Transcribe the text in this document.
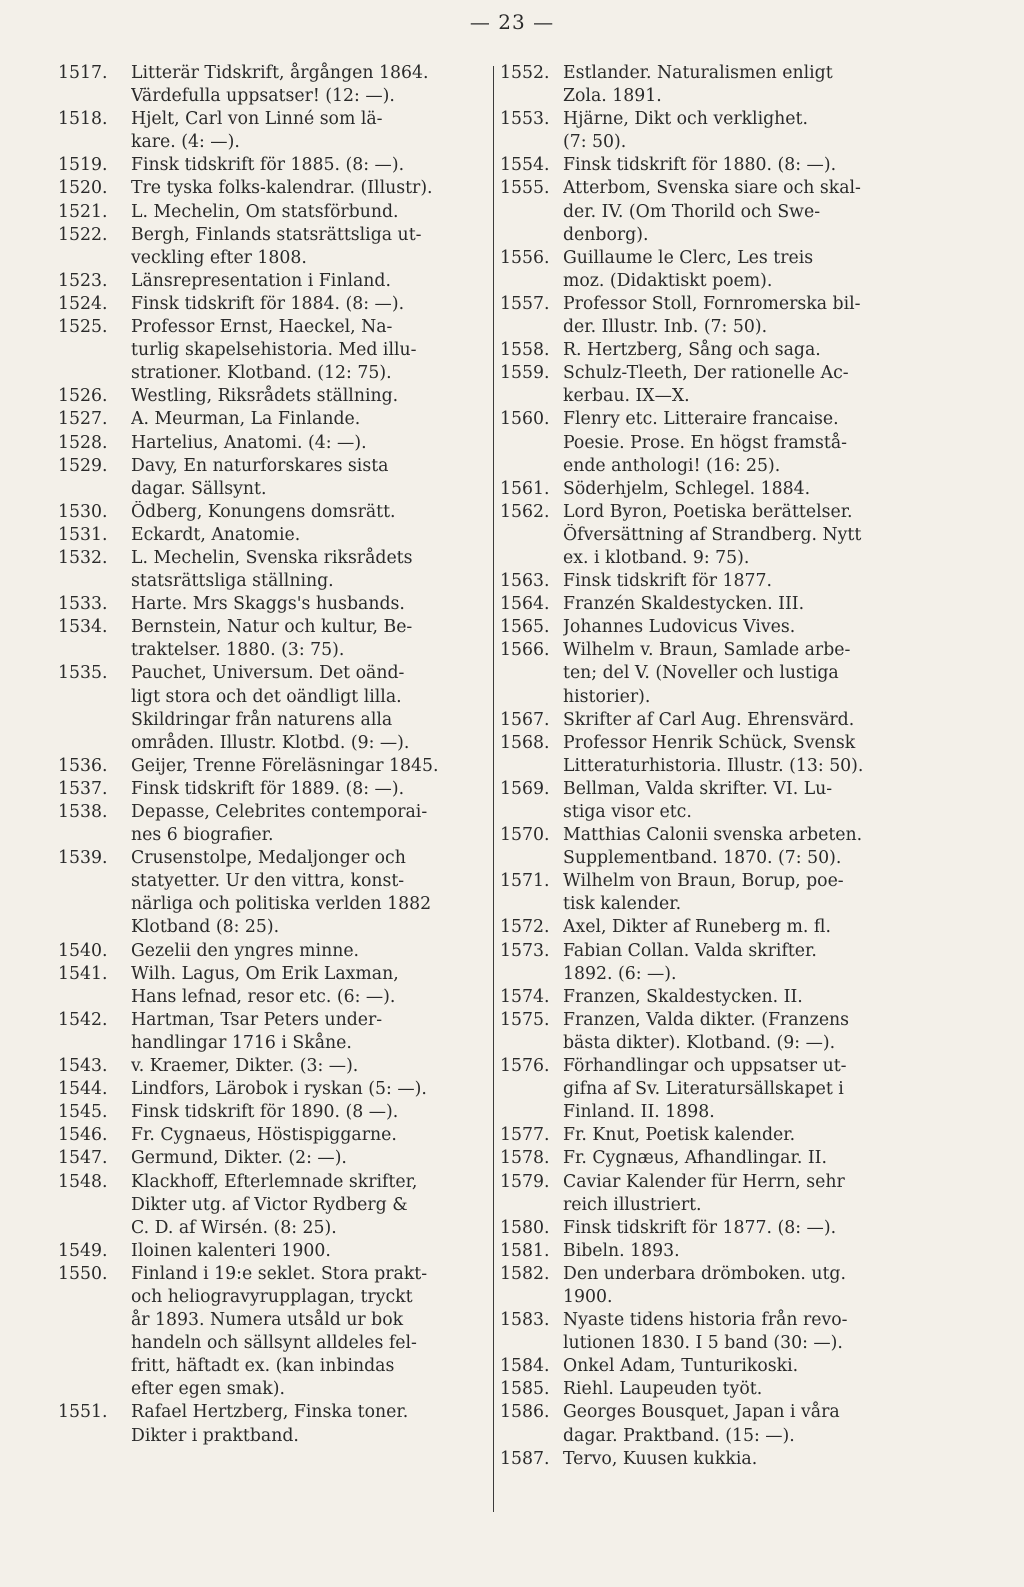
— 23 —
1517.	Litterär Tidskrift, årgången 1864.
Värdefulla uppsatser! (12: —).
1518.	Hjelt, Carl von Linné som lä-
kare. (4: —).
1519.	Finsk tidskrift för 1885. (8: —).
1520.	Tre tyska folks-kalendrar. (Illustr).
1521.	L. Mechelin, Om statsförbund.
1522.	Bergh, Finlands statsrättsliga ut-
veckling efter 1808.
1523.	Länsrepresentation i Finland.
1524.	Finsk tidskrift för 1884. (8: —).
1525.	Professor Ernst, Haeckel, Na-
turlig skapelsehistoria. Med illu-
strationer. Klotband. (12: 75).
1526.	Westling, Riksrådets ställning.
1527.	A. Meurman, La Finlande.
1528.	Hartelius, Anatomi. (4: —).
1529.	Davy, En naturforskares sista
dagar. Sällsynt.
1530.	Ödberg, Konungens domsrätt.
1531.	Eckardt, Anatomie.
1532.	L. Mechelin, Svenska riksrådets
statsrättsliga ställning.
1533.	Harte. Mrs Skaggs's husbands.
1534.	Bernstein, Natur och kultur, Be-
traktelser. 1880. (3: 75).
1535.	Pauchet, Universum. Det oänd-
ligt stora och det oändligt lilla.
Skildringar från naturens alla
områden. Illustr. Klotbd. (9: —).
1536.	Geijer, Trenne Föreläsningar 1845.
1537.	Finsk tidskrift för 1889. (8: —).
1538.	Depasse, Celebrites contemporai-
nes 6 biografier.
1539.	Crusenstolpe, Medaljonger och
statyetter. Ur den vittra, konst-
närliga och politiska verlden 1882
Klotband (8: 25).
1540.	Gezelii den yngres minne.
1541.	Wilh. Lagus, Om Erik Laxman,
Hans lefnad, resor etc. (6: —).
1542.	Hartman, Tsar Peters under-
handlingar 1716 i Skåne.
1543.	v. Kraemer, Dikter. (3: —).
1544.	Lindfors, Lärobok i ryskan (5: —).
1545.	Finsk tidskrift för 1890. (8 —).
1546.	Fr. Cygnaeus, Höstispiggarne.
1547.	Germund, Dikter. (2: —).
1548.	Klackhoff, Efterlemnade skrifter,
Dikter utg. af Victor Rydberg &
C. D. af Wirsén. (8: 25).
1549.	Iloinen kalenteri 1900.
1550.	Finland i 19:e seklet. Stora prakt-
och heliogravyrupplagan, tryckt
år 1893. Numera utsåld ur bok
handeln och sällsynt alldeles fel-
fritt, häftadt ex. (kan inbindas
efter egen smak).
1551.	Rafael Hertzberg, Finska toner.
Dikter i praktband.
1552. Estlander. Naturalismen enligt
Zola. 1891.
1553. Hjärne, Dikt och verklighet.
(7: 50).
1554. Finsk tidskrift för 1880. (8: —).
1555. Atterbom, Svenska siare och skal-
der. IV. (Om Thorild och Swe-
denborg).
1556. Guillaume le Clerc, Les treis
moz. (Didaktiskt poem).
1557. Professor Stoll, Fornromerska bil-
der. Illustr. Inb. (7: 50).
1558. R. Hertzberg, Sång och saga.
1559. Schulz-Tleeth, Der rationelle Ac-
kerbau. IX—X.
1560. Flenry etc. Litteraire francaise.
Poesie. Prose. En högst framstå-
ende anthologi! (16: 25).
1561. Söderhjelm, Schlegel. 1884.
1562. Lord Byron, Poetiska berättelser.
Öfversättning af Strandberg. Nytt
ex. i klotband. 9: 75).
1563. Finsk tidskrift för 1877.
1564. Franzén Skaldestycken. III.
1565. Johannes Ludovicus Vives.
1566. Wilhelm v. Braun, Samlade arbe-
ten; del V. (Noveller och lustiga
historier).
1567. Skrifter af Carl Aug. Ehrensvärd.
1568. Professor Henrik Schück, Svensk
Litteraturhistoria. Illustr. (13: 50).
1569. Bellman, Valda skrifter. VI. Lu-
stiga visor etc.
1570. Matthias Calonii svenska arbeten.
Supplementband. 1870. (7: 50).
1571. Wilhelm von Braun, Borup, poe-
tisk kalender.
1572. Axel, Dikter af Runeberg m. fl.
1573. Fabian Collan. Valda skrifter.
1892. (6: —).
1574. Franzen, Skaldestycken. II.
1575. Franzen, Valda dikter. (Franzens
bästa dikter). Klotband. (9: —).
1576. Förhandlingar och uppsatser ut-
gifna af Sv. Literatursällskapet i
Finland. II. 1898.
1577. Fr. Knut, Poetisk kalender.
1578. Fr. Cygnæus, Afhandlingar. II.
1579. Caviar Kalender für Herrn, sehr
reich illustriert.
1580. Finsk tidskrift för 1877. (8: —).
1581. Bibeln. 1893.
1582. Den underbara drömboken. utg.
1900.
1583. Nyaste tidens historia från revo-
lutionen 1830. I 5 band (30: —).
1584. Onkel Adam, Tunturikoski.
1585. Riehl. Laupeuden työt.
1586. Georges Bousquet, Japan i våra
dagar. Praktband. (15: —).
1587. Tervo, Kuusen kukkia.
